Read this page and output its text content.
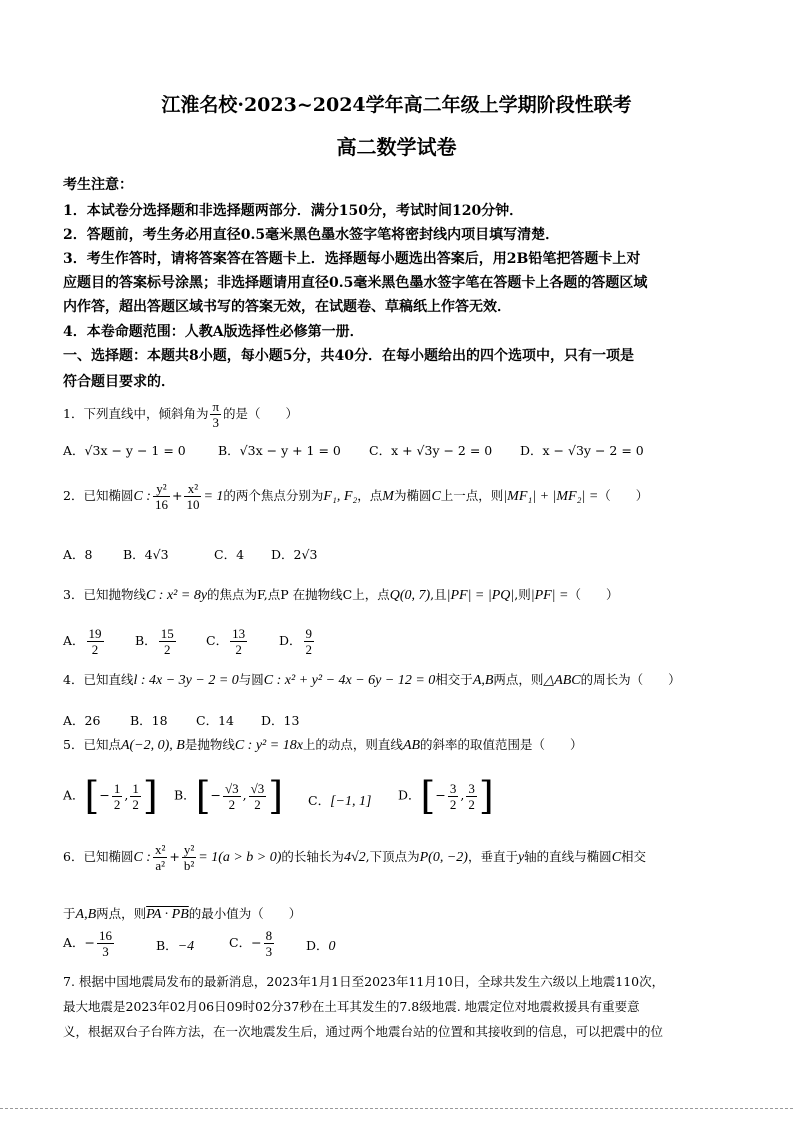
江淮名校·2023~2024学年高二年级上学期阶段性联考
高二数学试卷
考生注意：
1．本试卷分选择题和非选择题两部分．满分150分，考试时间120分钟．
2．答题前，考生务必用直径0.5毫米黑色墨水签字笔将密封线内项目填写清楚．
3．考生作答时，请将答案答在答题卡上．选择题每小题选出答案后，用2B铅笔把答题卡上对
应题目的答案标号涂黑；非选择题请用直径0.5毫米黑色墨水签字笔在答题卡上各题的答题区域
内作答，超出答题区域书写的答案无效，在试题卷、草稿纸上作答无效．
4．本卷命题范围：人教A版选择性必修第一册．
一、选择题：本题共8小题，每小题5分，共40分．在每小题给出的四个选项中，只有一项是
符合题目要求的．
1．下列直线中，倾斜角为 $\frac{\pi}{3}$ 的是（　　）
A．√3x − y − 1 = 0	B．√3x − y + 1 = 0 C．x + √3y − 2 = 0 D．x − √3y − 2 = 0
2．已知椭圆C : $\frac{\text{y²}}{16} + \frac{\text{x²}}{10} = 1$的两个焦点分别为F₁, F₂，点M为椭圆C上一点，则|MF₁| + |MF₂| =（　　）
A．8 B．4√3	C．4 D．2√3
3．已知抛物线C : x² = 8y的焦点为F,点P 在抛物线C上，点Q(0, 7),且|PF| = |PQ|,则|PF| =（　　）
A． $\frac{19}{2}$	B． $\frac{15}{2}$ C． $\frac{13}{2}$	D． $\frac{9}{2}$
4．已知直线l : 4x − 3y − 2 = 0与圆C : x² + y² − 4x − 6y − 12 = 0相交于A,B两点，则△ABC的周长为（　　）
A．26 B．18 C．14 D．13
5．已知点A(−2, 0), B是抛物线C : y² = 18x上的动点，则直线AB的斜率的取值范围是（　　）
A．[− $\frac{1}{2}$ , $\frac{1}{2}$ ] B．[− $\frac{√3}{2}$ , $\frac{√3}{2}$ ] C．[−1, 1] D．[− $\frac{3}{2}$ , $\frac{3}{2}$ ]
6．已知椭圆C : $\frac{\text{x²}}{\text{a²}} + \frac{\text{y²}}{\text{b²}} = 1(a > b > 0)$的长轴长为4√2,下顶点为P(0, −2)，垂直于y轴的直线与椭圆C相交
于A,B两点，则PA · PB的最小值为（　　）
A．− $\frac{16}{3}$	B．−4	C．− $\frac{8}{3}$	D．0
7. 根据中国地震局发布的最新消息，2023年1月1日至2023年11月10日，全球共发生六级以上地震110次，
最大地震是2023年02月06日09时02分37秒在土耳其发生的7.8级地震. 地震定位对地震救援具有重要意
义，根据双台子台阵方法，在一次地震发生后，通过两个地震台站的位置和其接收到的信息，可以把震中的位
